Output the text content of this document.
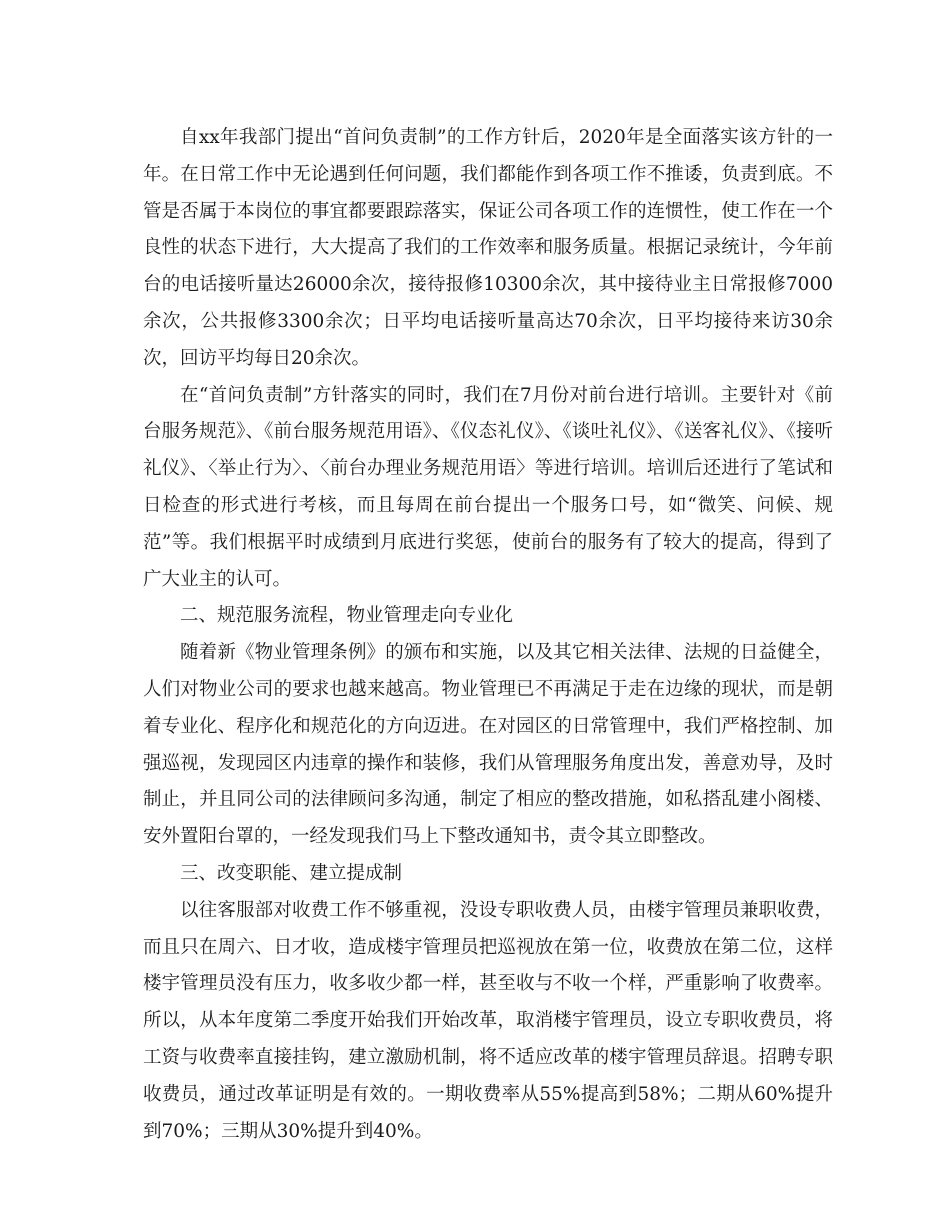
自xx年我部门提出“首问负责制”的工作方针后，2020年是全面落实该方针的一年。在日常工作中无论遇到任何问题，我们都能作到各项工作不推诿，负责到底。不管是否属于本岗位的事宜都要跟踪落实，保证公司各项工作的连惯性，使工作在一个良性的状态下进行，大大提高了我们的工作效率和服务质量。根据记录统计，今年前台的电话接听量达26000余次，接待报修10300余次，其中接待业主日常报修7000余次，公共报修3300余次；日平均电话接听量高达70余次，日平均接待来访30余次，回访平均每日20余次。

在“首问负责制”方针落实的同时，我们在7月份对前台进行培训。主要针对《前台服务规范》、《前台服务规范用语》、《仪态礼仪》、《谈吐礼仪》、《送客礼仪》、《接听礼仪》、〈举止行为〉、〈前台办理业务规范用语〉等进行培训。培训后还进行了笔试和日检查的形式进行考核，而且每周在前台提出一个服务口号，如“微笑、问候、规范”等。我们根据平时成绩到月底进行奖惩，使前台的服务有了较大的提高，得到了广大业主的认可。

二、规范服务流程，物业管理走向专业化

随着新《物业管理条例》的颁布和实施，以及其它相关法律、法规的日益健全，人们对物业公司的要求也越来越高。物业管理已不再满足于走在边缘的现状，而是朝着专业化、程序化和规范化的方向迈进。在对园区的日常管理中，我们严格控制、加强巡视，发现园区内违章的操作和装修，我们从管理服务角度出发，善意劝导，及时制止，并且同公司的法律顾问多沟通，制定了相应的整改措施，如私搭乱建小阁楼、安外置阳台罩的，一经发现我们马上下整改通知书，责令其立即整改。

三、改变职能、建立提成制

以往客服部对收费工作不够重视，没设专职收费人员，由楼宇管理员兼职收费，而且只在周六、日才收，造成楼宇管理员把巡视放在第一位，收费放在第二位，这样楼宇管理员没有压力，收多收少都一样，甚至收与不收一个样，严重影响了收费率。所以，从本年度第二季度开始我们开始改革，取消楼宇管理员，设立专职收费员，将工资与收费率直接挂钩，建立激励机制，将不适应改革的楼宇管理员辞退。招聘专职收费员，通过改革证明是有效的。一期收费率从55%提高到58%；二期从60%提升到70%；三期从30%提升到40%。
